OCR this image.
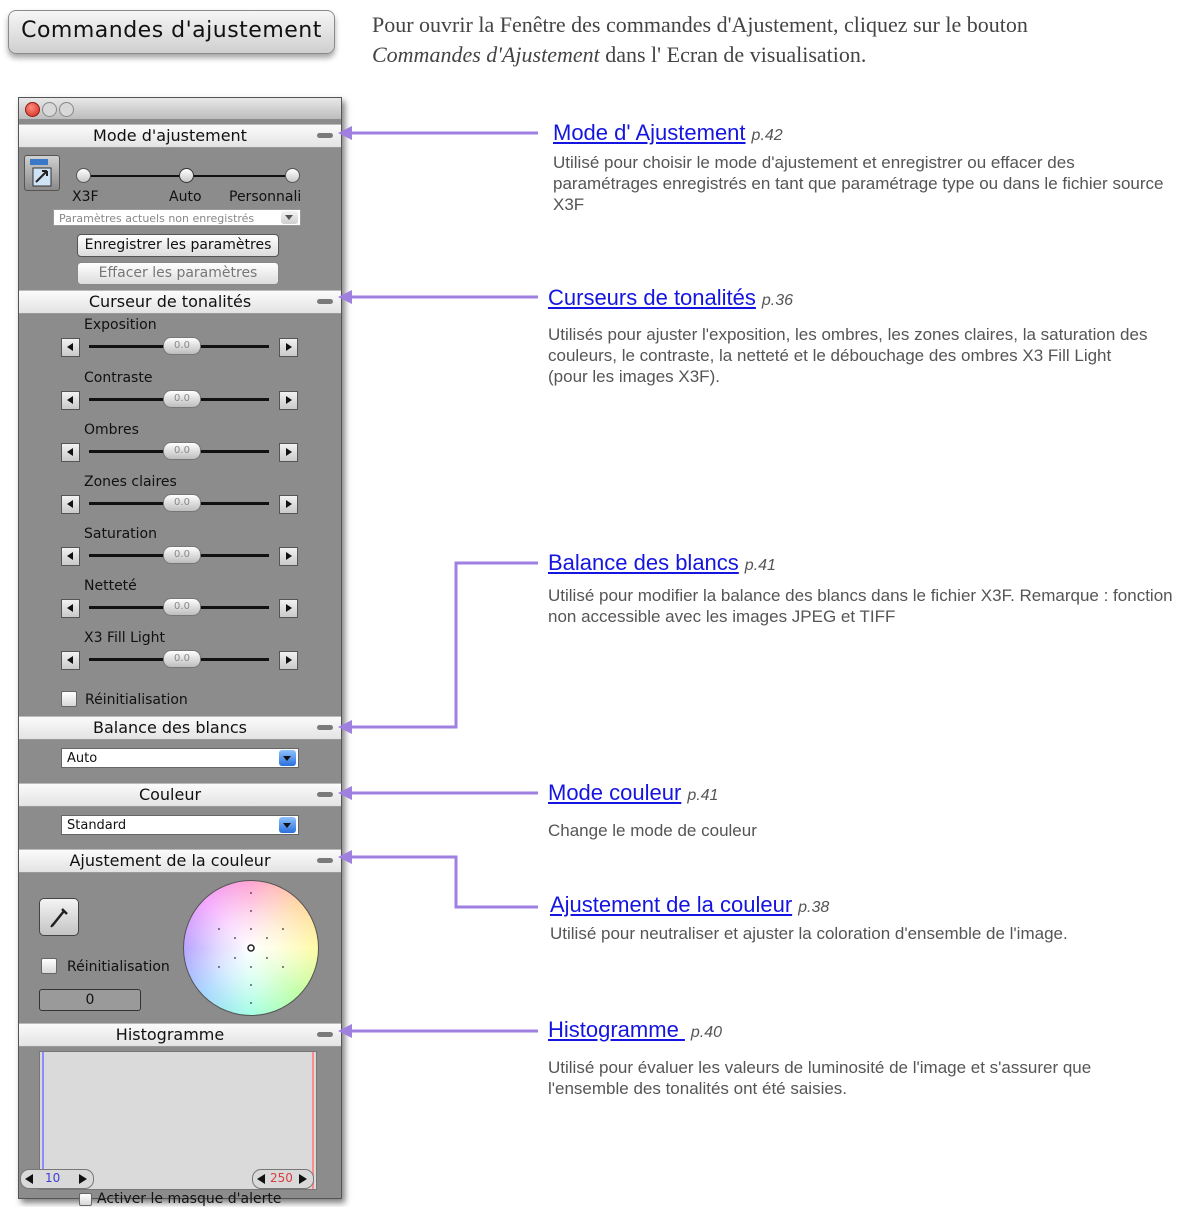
Commandes d'ajustement	Pour ouvrir la Fenêtre des commandes d'Ajustement, cliquez sur le bouton
Commandes d'Ajustement dans l' Ecran de visualisation.
Mode d'ajustement
X3F	Auto Personnali
Paramètres actuels non enregistrés
Enregistrer les paramètres
Effacer les paramètres
Curseur de tonalités
Exposition
0.0
Contraste
0.0
Ombres
0.0
Zones claires
0.0
Saturation
0.0
Netteté
0.0
X3 Fill Light
0.0
Réinitialisation
Balance des blancs
Auto
Couleur
Standard
Ajustement de la couleur
Réinitialisation
0
Histogramme
Activer le masque d'alerte
Mode d' Ajustement p.42
Utilisé pour choisir le mode d'ajustement et enregistrer ou effacer des paramétrages enregistrés en tant que paramétrage type ou dans le fichier source X3F
Curseurs de tonalités p.36
Utilisés pour ajuster l'exposition, les ombres, les zones claires, la saturation des couleurs, le contraste, la netteté et le débouchage des ombres X3 Fill Light (pour les images X3F).
Balance des blancs p.41
Utilisé pour modifier la balance des blancs dans le fichier X3F. Remarque : fonction non accessible avec les images JPEG et TIFF
Mode couleur p.41
Change le mode de couleur
Ajustement de la couleur p.38
Utilisé pour neutraliser et ajuster la coloration d'ensemble de l'image.
Histogramme p.40
Utilisé pour évaluer les valeurs de luminosité de l'image et s'assurer que l'ensemble des tonalités ont été saisies.
10	250
